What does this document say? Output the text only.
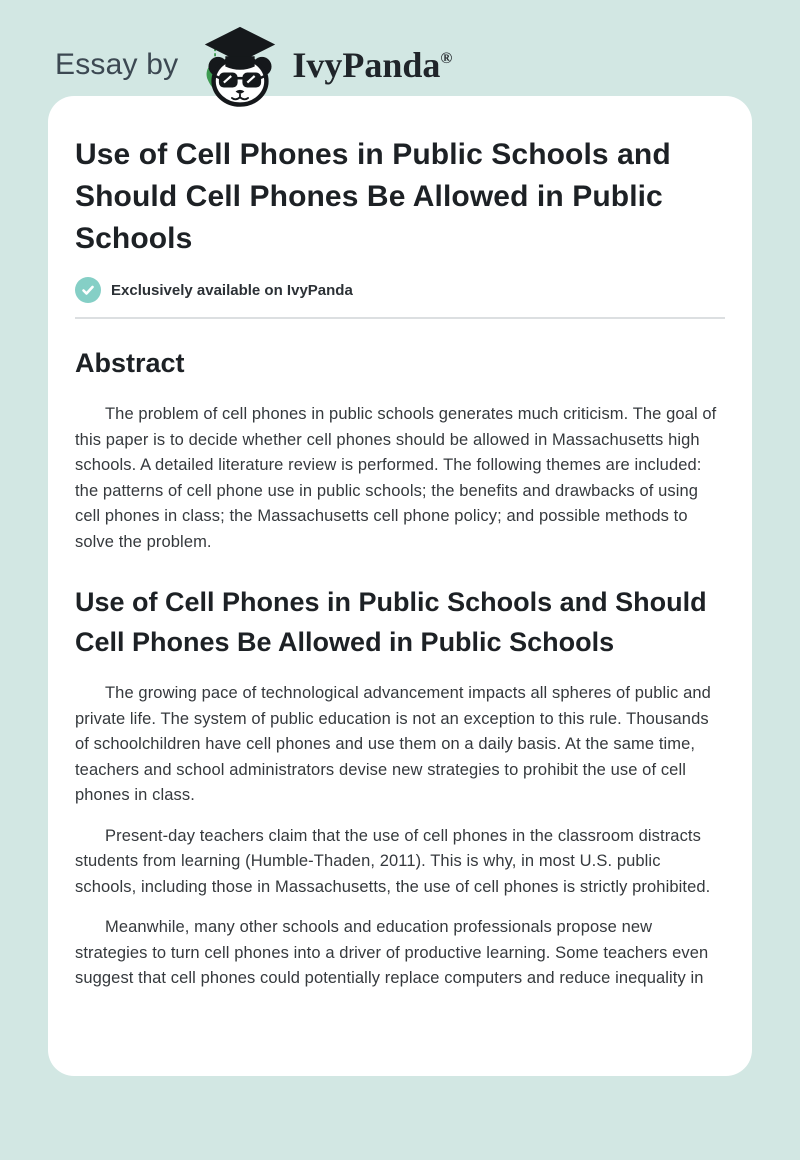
Essay by	IvyPanda®
Use of Cell Phones in Public Schools and Should Cell Phones Be Allowed in Public Schools
Exclusively available on IvyPanda
Abstract

The problem of cell phones in public schools generates much criticism. The goal of this paper is to decide whether cell phones should be allowed in Massachusetts high schools. A detailed literature review is performed. The following themes are included: the patterns of cell phone use in public schools; the benefits and drawbacks of using cell phones in class; the Massachusetts cell phone policy; and possible methods to solve the problem.

Use of Cell Phones in Public Schools and Should Cell Phones Be Allowed in Public Schools

The growing pace of technological advancement impacts all spheres of public and private life. The system of public education is not an exception to this rule. Thousands of schoolchildren have cell phones and use them on a daily basis. At the same time, teachers and school administrators devise new strategies to prohibit the use of cell phones in class.

Present-day teachers claim that the use of cell phones in the classroom distracts students from learning (Humble-Thaden, 2011). This is why, in most U.S. public schools, including those in Massachusetts, the use of cell phones is strictly prohibited.

Meanwhile, many other schools and education professionals propose new strategies to turn cell phones into a driver of productive learning. Some teachers even suggest that cell phones could potentially replace computers and reduce inequality in
